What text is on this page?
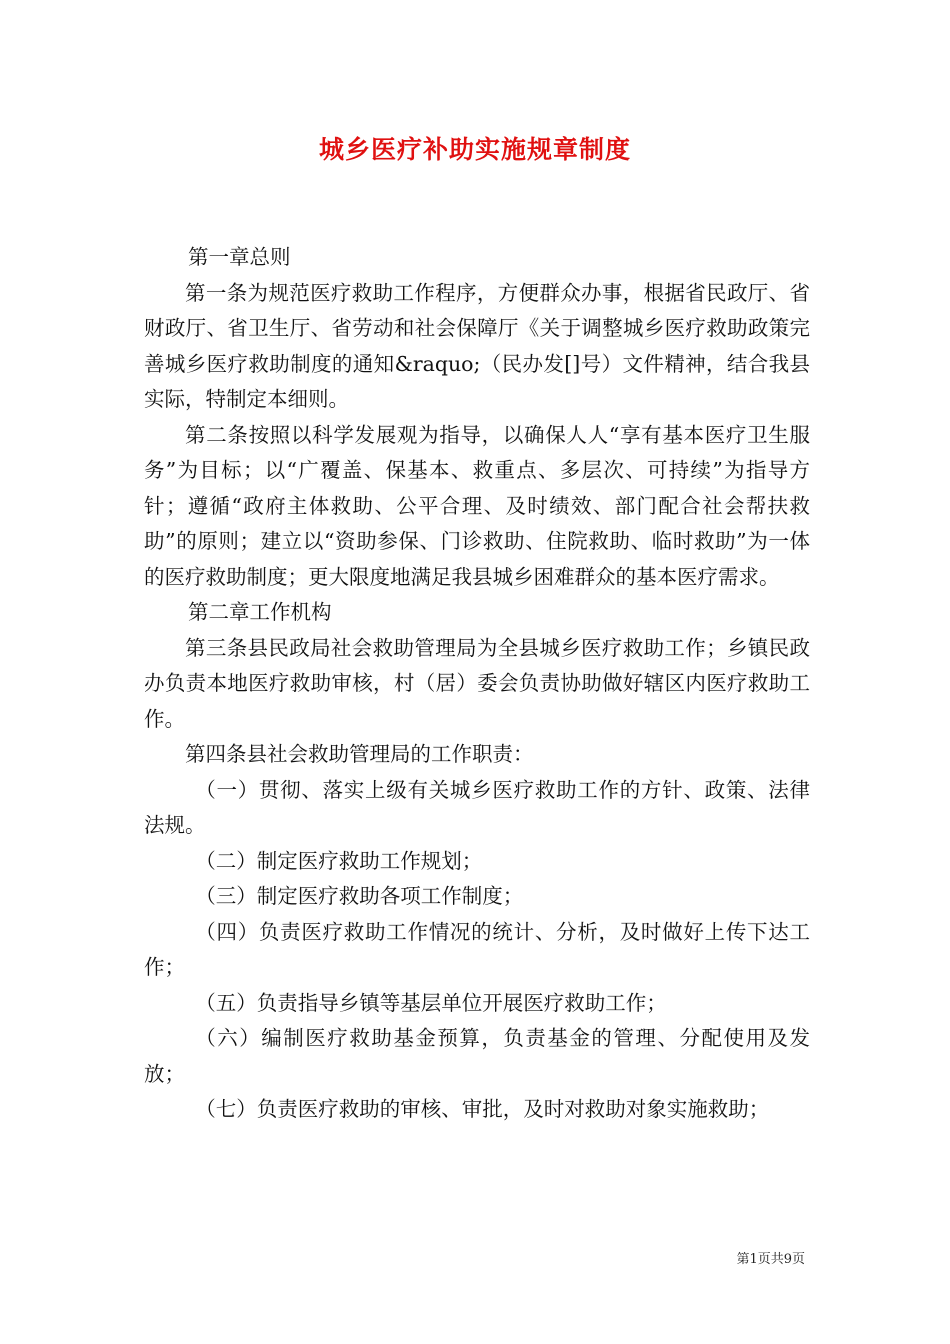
城乡医疗补助实施规章制度

第一章总则

第一条为规范医疗救助工作程序，方便群众办事，根据省民政厅、省财政厅、省卫生厅、省劳动和社会保障厅《关于调整城乡医疗救助政策完善城乡医疗救助制度的通知&raquo;（民办发[]号）文件精神，结合我县实际，特制定本细则。

第二条按照以科学发展观为指导，以确保人人“享有基本医疗卫生服务”为目标；以“广覆盖、保基本、救重点、多层次、可持续”为指导方针；遵循“政府主体救助、公平合理、及时绩效、部门配合社会帮扶救助”的原则；建立以“资助参保、门诊救助、住院救助、临时救助”为一体的医疗救助制度；更大限度地满足我县城乡困难群众的基本医疗需求。

第二章工作机构

第三条县民政局社会救助管理局为全县城乡医疗救助工作；乡镇民政办负责本地医疗救助审核，村（居）委会负责协助做好辖区内医疗救助工作。

第四条县社会救助管理局的工作职责：

（一）贯彻、落实上级有关城乡医疗救助工作的方针、政策、法律法规。

（二）制定医疗救助工作规划；

（三）制定医疗救助各项工作制度；

（四）负责医疗救助工作情况的统计、分析，及时做好上传下达工作；

（五）负责指导乡镇等基层单位开展医疗救助工作；

（六）编制医疗救助基金预算，负责基金的管理、分配使用及发放；

（七）负责医疗救助的审核、审批，及时对救助对象实施救助；

第1页共9页
